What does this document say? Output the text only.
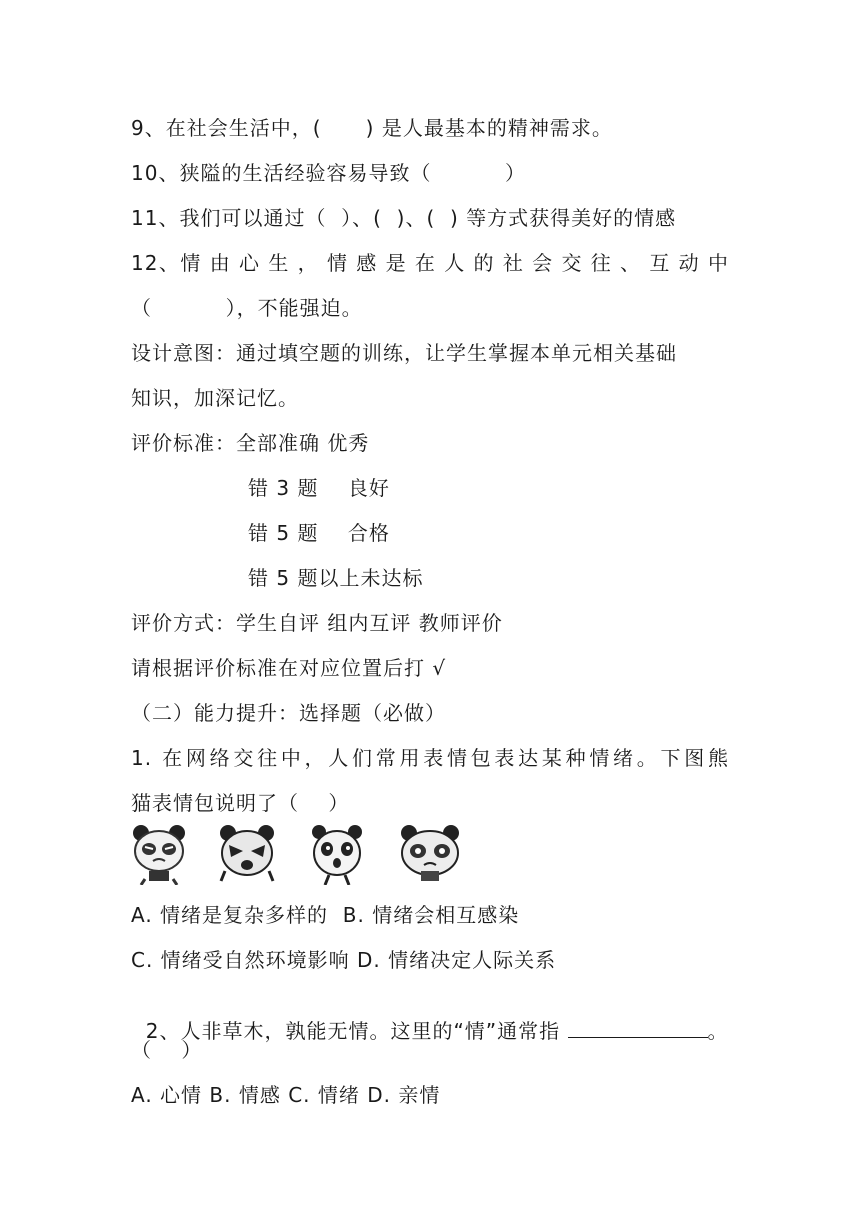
9、在社会生活中，(      ) 是人最基本的精神需求。
10、狭隘的生活经验容易导致（          ）
11、我们可以通过（  ）、(  )、(  ) 等方式获得美好的情感
12、情 由 心 生 ， 情 感 是 在 人 的 社 会 交 往 、 互 动 中
（          ），不能强迫。
设计意图：通过填空题的训练，让学生掌握本单元相关基础
知识，加深记忆。
评价标准：全部准确 优秀
错 3 题    良好
错 5 题    合格
错 5 题以上未达标
评价方式：学生自评 组内互评 教师评价
请根据评价标准在对应位置后打 √
（二）能力提升：选择题（必做）
1. 在网络交往中，人们常用表情包表达某种情绪。下图熊
猫表情包说明了（    ）
A. 情绪是复杂多样的  B. 情绪会相互感染
C. 情绪受自然环境影响 D. 情绪决定人际关系

2、人非草木，孰能无情。这里的“情”通常指	。

（    ）
A. 心情 B. 情感 C. 情绪 D. 亲情
